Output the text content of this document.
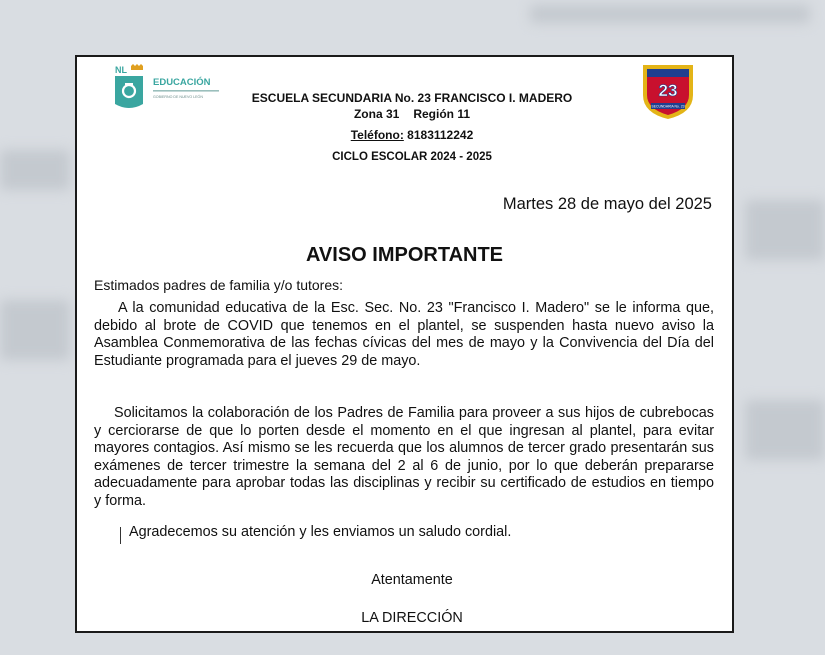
NL
EDUCACIÓN
GOBIERNO DE NUEVO LEÓN	23
SECUNDARIA No. 23
ESCUELA SECUNDARIA No. 23 FRANCISCO I. MADERO
Zona 31 Región 11
Teléfono: 8183112242
CICLO ESCOLAR 2024 - 2025
Martes 28 de mayo del 2025
AVISO IMPORTANTE
Estimados padres de familia y/o tutores:

A la comunidad educativa de la Esc. Sec. No. 23 "Francisco I. Madero" se le informa que, debido al brote de COVID que tenemos en el plantel, se suspenden hasta nuevo aviso la Asamblea Conmemorativa de las fechas cívicas del mes de mayo y la Convivencia del Día del Estudiante programada para el jueves 29 de mayo.

Solicitamos la colaboración de los Padres de Familia para proveer a sus hijos de cubrebocas y cerciorarse de que lo porten desde el momento en el que ingresan al plantel, para evitar mayores contagios. Así mismo se les recuerda que los alumnos de tercer grado presentarán sus exámenes de tercer trimestre la semana del 2 al 6 de junio, por lo que deberán prepararse adecuadamente para aprobar todas las disciplinas y recibir su certificado de estudios en tiempo y forma.

Agradecemos su atención y les enviamos un saludo cordial.

Atentamente
LA DIRECCIÓN
